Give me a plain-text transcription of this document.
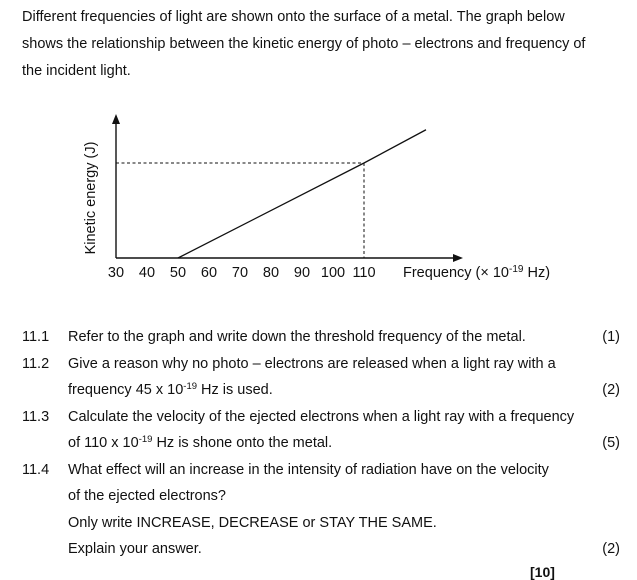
Different frequencies of light are shown onto the surface of a metal. The graph below

shows the relationship between the kinetic energy of photo – electrons and frequency of

the incident light.

30 40 50 60 70 80 90 100 110
Kinetic energy (J)
Frequency (× $10^{-19}$ Hz)
11.1 Refer to the graph and write down the threshold frequency of the metal.	(1)
11.2 Give a reason why no photo – electrons are released when a light ray with a
frequency 45 x $10^{-19}$ Hz is used.	(2)
11.3 Calculate the velocity of the ejected electrons when a light ray with a frequency
of 110 x $10^{-19}$ Hz is shone onto the metal.	(5)
11.4 What effect will an increase in the intensity of radiation have on the velocity
of the ejected electrons?
Only write INCREASE, DECREASE or STAY THE SAME.
Explain your answer.	(2)
[10]
